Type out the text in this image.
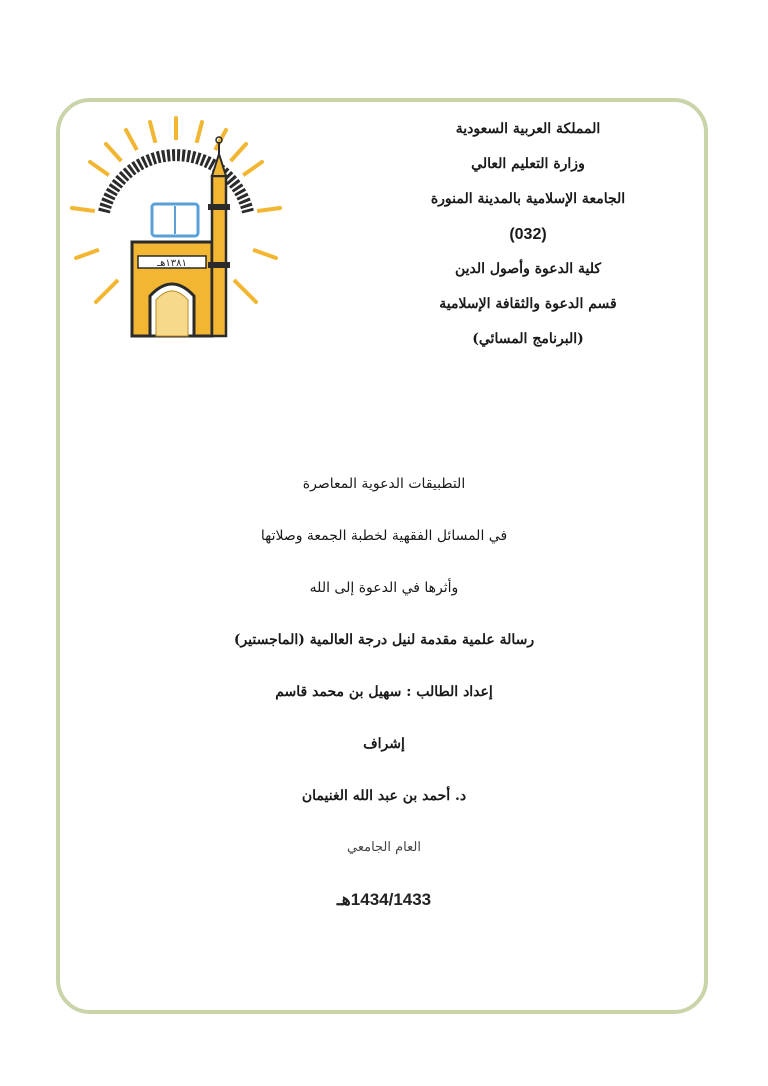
١٣٨١هـ
المملكة العربية السعودية
وزارة التعليم العالي
الجامعة الإسلامية بالمدينة المنورة
(032)
كلية الدعوة وأصول الدين
قسم الدعوة والثقافة الإسلامية
(البرنامج المسائي)
التطبيقات الدعوية المعاصرة
في المسائل الفقهية لخطبة الجمعة وصلاتها
وأثرها في الدعوة إلى الله
رسالة علمية مقدمة لنيل درجة العالمية (الماجستير)
إعداد الطالب : سهيل بن محمد قاسم
إشراف
د. أحمد بن عبد الله الغنيمان
العام الجامعي
1434/1433هـ
